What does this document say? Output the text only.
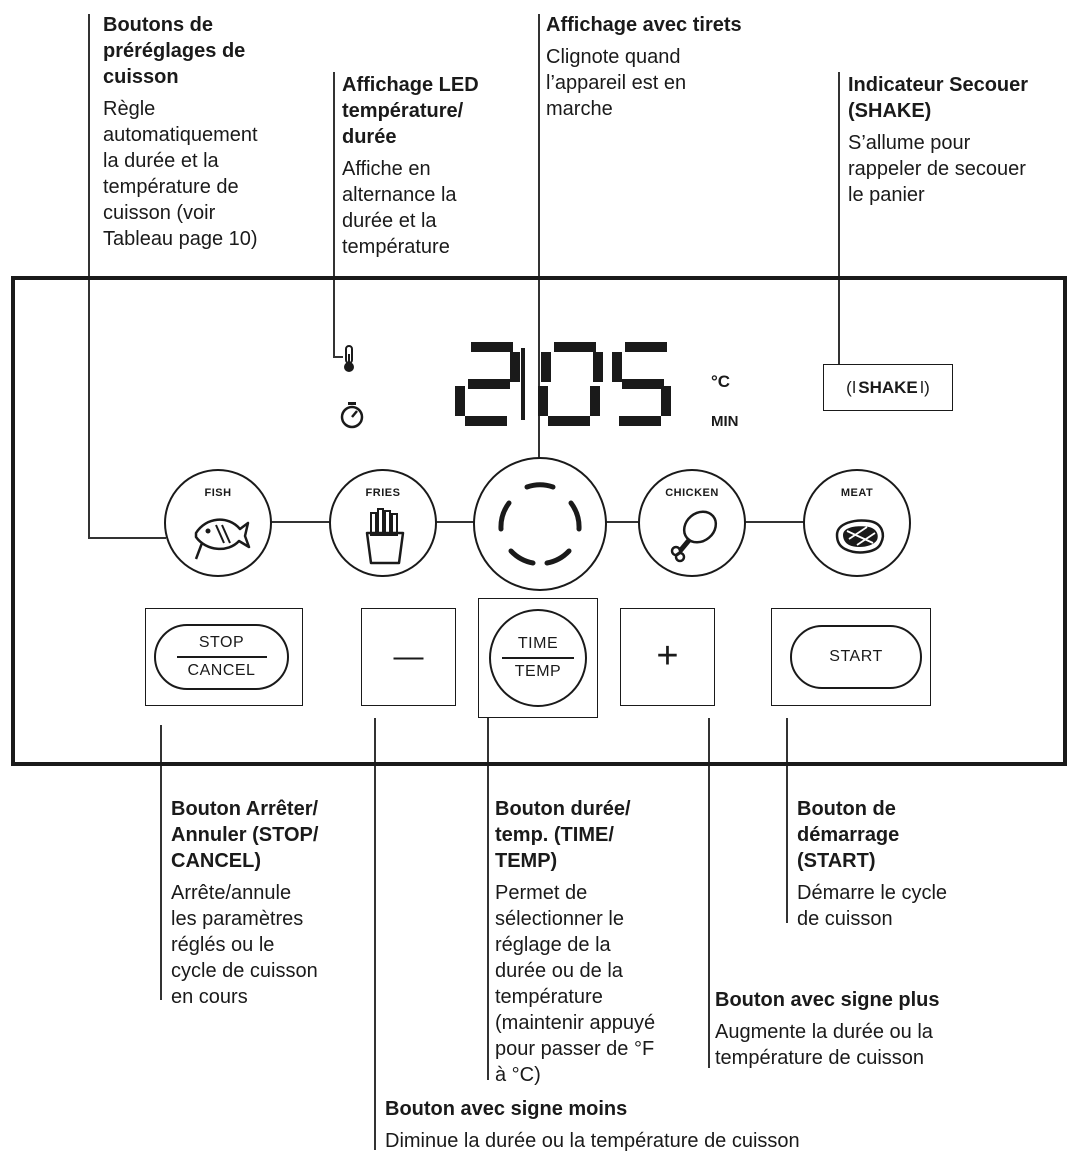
Boutons de
préréglages de
cuisson
Règle
automatiquement
la durée et la
température de
cuisson (voir
Tableau page 10)
Affichage LED
température/
durée
Affiche en
alternance la
durée et la
température
Affichage avec tirets
Clignote quand
l’appareil est en
marche
Indicateur Secouer
(SHAKE)
S’allume pour
rappeler de secouer
le panier
Bouton Arrêter/
Annuler (STOP/
CANCEL)
Arrête/annule
les paramètres
réglés ou le
cycle de cuisson
en cours
Bouton durée/
temp. (TIME/
TEMP)
Permet de
sélectionner le
réglage de la
durée ou de la
température
(maintenir appuyé
pour passer de °F
à °C)
Bouton de
démarrage
(START)
Démarre le cycle
de cuisson
Bouton avec signe plus
Augmente la durée ou la
température de cuisson
Bouton avec signe moins
Diminue la durée ou la température de cuisson
°C
MIN
(ǀ SHAKE ǀ)
FISH	FRIES	CHICKEN	MEAT
STOP
CANCEL	—	TIME
TEMP	+	START
